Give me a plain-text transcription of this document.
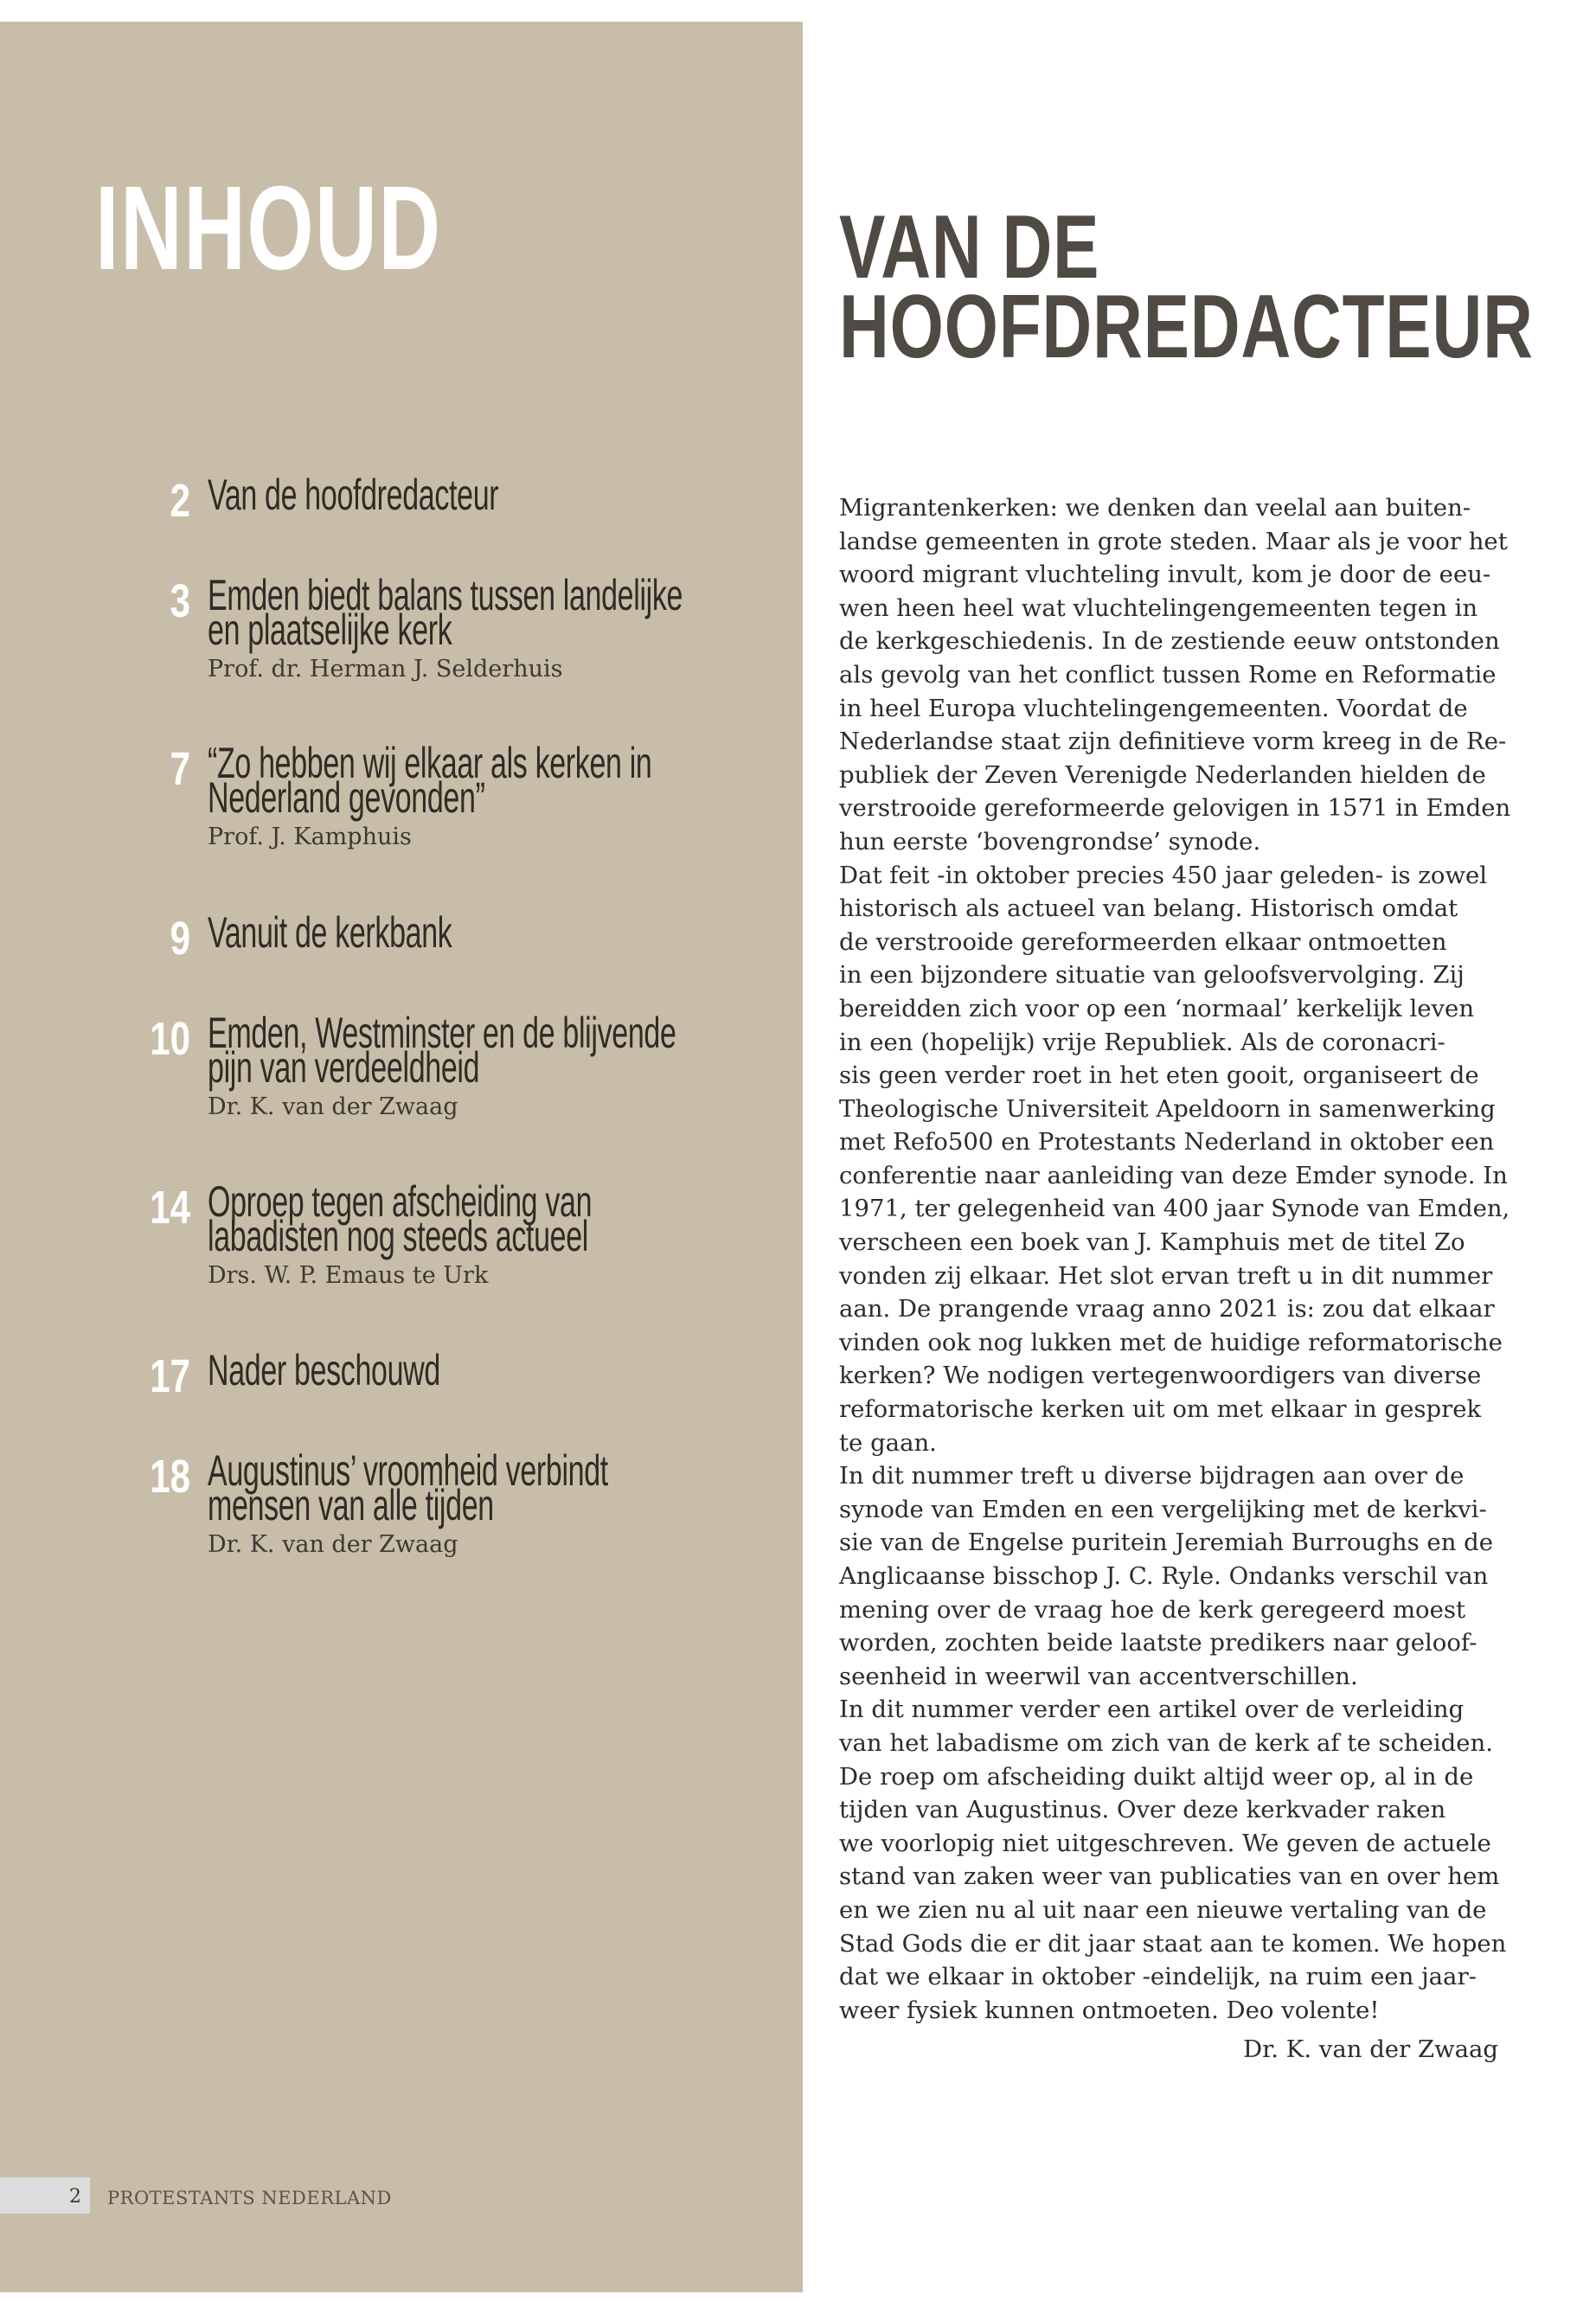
INHOUD
2 Van de hoofdredacteur
3 Emden biedt balans tussen landelijke
en plaatselijke kerk
Prof. dr. Herman J. Selderhuis
7 “Zo hebben wij elkaar als kerken in
Nederland gevonden”
Prof. J. Kamphuis
9 Vanuit de kerkbank
10 Emden, Westminster en de blijvende
pijn van verdeeldheid
Dr. K. van der Zwaag
14 Oproep tegen afscheiding van
labadisten nog steeds actueel
Drs. W. P. Emaus te Urk
17 Nader beschouwd
18 Augustinus’ vroomheid verbindt
mensen van alle tijden
Dr. K. van der Zwaag
2 PROTESTANTS NEDERLAND
VAN DE
HOOFDREDACTEUR
Migrantenkerken: we denken dan veelal aan buiten-
landse gemeenten in grote steden. Maar als je voor het
woord migrant vluchteling invult, kom je door de eeu-
wen heen heel wat vluchtelingengemeenten tegen in
de kerkgeschiedenis. In de zestiende eeuw ontstonden
als gevolg van het conflict tussen Rome en Reformatie
in heel Europa vluchtelingengemeenten. Voordat de
Nederlandse staat zijn definitieve vorm kreeg in de Re-
publiek der Zeven Verenigde Nederlanden hielden de
verstrooide gereformeerde gelovigen in 1571 in Emden
hun eerste ‘bovengrondse’ synode.
Dat feit -in oktober precies 450 jaar geleden- is zowel
historisch als actueel van belang. Historisch omdat
de verstrooide gereformeerden elkaar ontmoetten
in een bijzondere situatie van geloofsvervolging. Zij
bereidden zich voor op een ‘normaal’ kerkelijk leven
in een (hopelijk) vrije Republiek. Als de coronacri-
sis geen verder roet in het eten gooit, organiseert de
Theologische Universiteit Apeldoorn in samenwerking
met Refo500 en Protestants Nederland in oktober een
conferentie naar aanleiding van deze Emder synode. In
1971, ter gelegenheid van 400 jaar Synode van Emden,
verscheen een boek van J. Kamphuis met de titel Zo
vonden zij elkaar. Het slot ervan treft u in dit nummer
aan. De prangende vraag anno 2021 is: zou dat elkaar
vinden ook nog lukken met de huidige reformatorische
kerken? We nodigen vertegenwoordigers van diverse
reformatorische kerken uit om met elkaar in gesprek
te gaan.
In dit nummer treft u diverse bijdragen aan over de
synode van Emden en een vergelijking met de kerkvi-
sie van de Engelse puritein Jeremiah Burroughs en de
Anglicaanse bisschop J. C. Ryle. Ondanks verschil van
mening over de vraag hoe de kerk geregeerd moest
worden, zochten beide laatste predikers naar geloof-
seenheid in weerwil van accentverschillen.
In dit nummer verder een artikel over de verleiding
van het labadisme om zich van de kerk af te scheiden.
De roep om afscheiding duikt altijd weer op, al in de
tijden van Augustinus. Over deze kerkvader raken
we voorlopig niet uitgeschreven. We geven de actuele
stand van zaken weer van publicaties van en over hem
en we zien nu al uit naar een nieuwe vertaling van de
Stad Gods die er dit jaar staat aan te komen. We hopen
dat we elkaar in oktober -eindelijk, na ruim een jaar-
weer fysiek kunnen ontmoeten. Deo volente!
Dr. K. van der Zwaag
